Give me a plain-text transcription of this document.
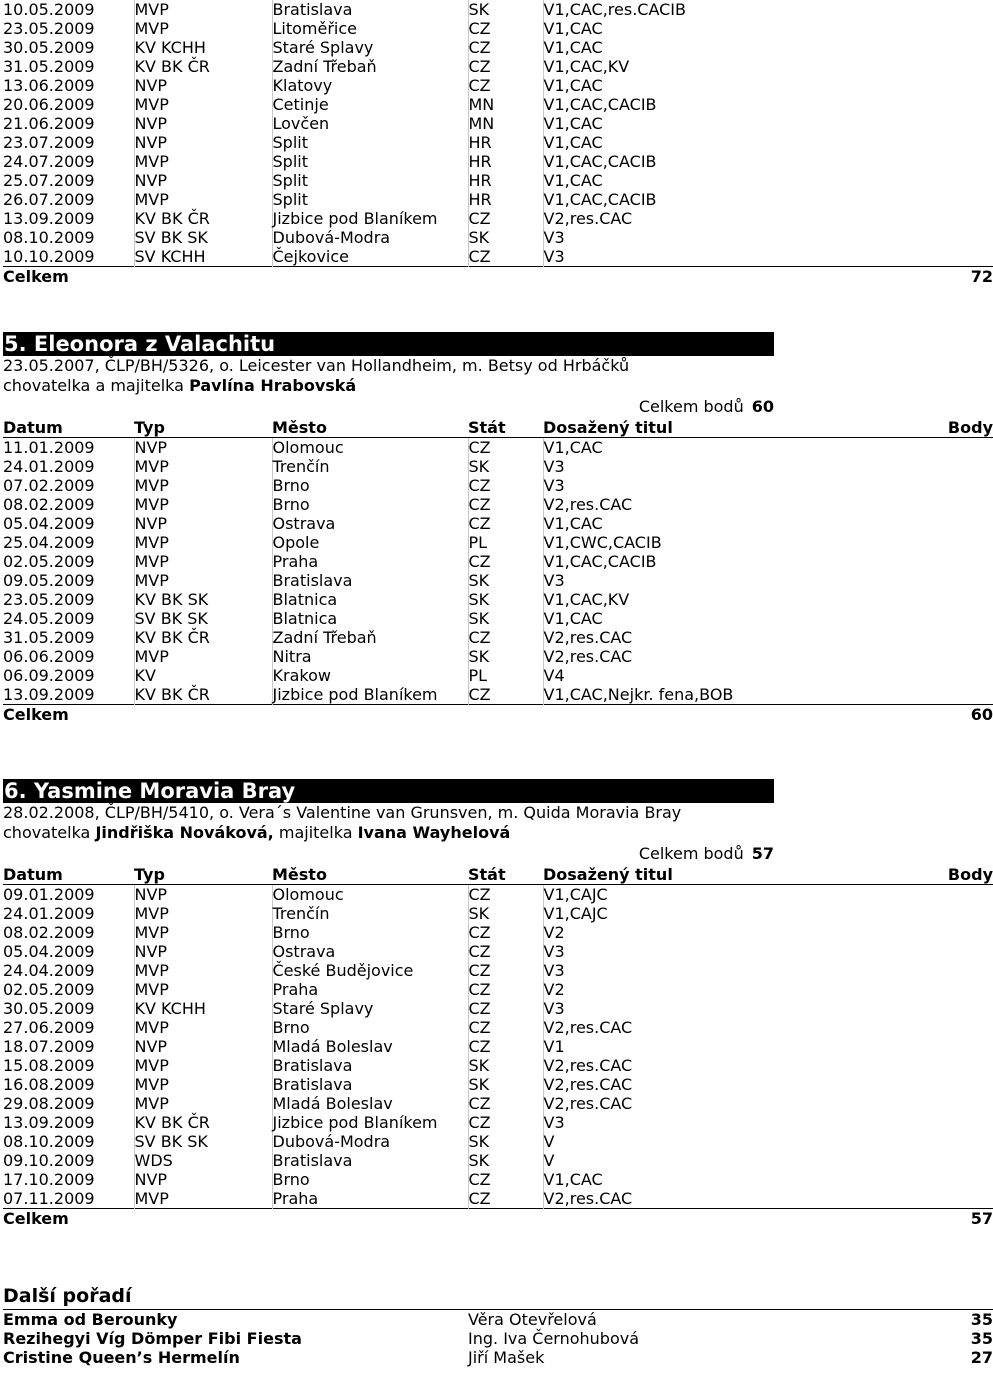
10.05.2009	MVP	Bratislava	SK	V1,CAC,res.CACIB	
23.05.2009	MVP	Litoměřice	CZ	V1,CAC	
30.05.2009	KV KCHH	Staré Splavy	CZ	V1,CAC	
31.05.2009	KV BK ČR	Zadní Třebaň	CZ	V1,CAC,KV	
13.06.2009	NVP	Klatovy	CZ	V1,CAC	
20.06.2009	MVP	Cetinje	MN	V1,CAC,CACIB	
21.06.2009	NVP	Lovčen	MN	V1,CAC	
23.07.2009	NVP	Split	HR	V1,CAC	
24.07.2009	MVP	Split	HR	V1,CAC,CACIB	
25.07.2009	NVP	Split	HR	V1,CAC	
26.07.2009	MVP	Split	HR	V1,CAC,CACIB	
13.09.2009	KV BK ČR	Jizbice pod Blaníkem	CZ	V2,res.CAC	
08.10.2009	SV BK SK	Dubová-Modra	SK	V3	
10.10.2009	SV KCHH	Čejkovice	CZ	V3	
Celkem					72
5. Eleonora z Valachitu
23.05.2007, ČLP/BH/5326, o. Leicester van Hollandheim, m. Betsy od Hrbáčků
chovatelka a majitelka Pavlína Hrabovská
Celkem bodů 60
Datum	Typ	Město	Stát	Dosažený titul	Body
11.01.2009	NVP	Olomouc	CZ	V1,CAC	
24.01.2009	MVP	Trenčín	SK	V3	
07.02.2009	MVP	Brno	CZ	V3	
08.02.2009	MVP	Brno	CZ	V2,res.CAC	
05.04.2009	NVP	Ostrava	CZ	V1,CAC	
25.04.2009	MVP	Opole	PL	V1,CWC,CACIB	
02.05.2009	MVP	Praha	CZ	V1,CAC,CACIB	
09.05.2009	MVP	Bratislava	SK	V3	
23.05.2009	KV BK SK	Blatnica	SK	V1,CAC,KV	
24.05.2009	SV BK SK	Blatnica	SK	V1,CAC	
31.05.2009	KV BK ČR	Zadní Třebaň	CZ	V2,res.CAC	
06.06.2009	MVP	Nitra	SK	V2,res.CAC	
06.09.2009	KV	Krakow	PL	V4	
13.09.2009	KV BK ČR	Jizbice pod Blaníkem	CZ	V1,CAC,Nejkr. fena,BOB	
Celkem					60
6. Yasmine Moravia Bray
28.02.2008, ČLP/BH/5410, o. Vera´s Valentine van Grunsven, m. Quida Moravia Bray
chovatelka Jindřiška Nováková, majitelka Ivana Wayhelová
Celkem bodů 57
Datum	Typ	Město	Stát	Dosažený titul	Body
09.01.2009	NVP	Olomouc	CZ	V1,CAJC	
24.01.2009	MVP	Trenčín	SK	V1,CAJC	
08.02.2009	MVP	Brno	CZ	V2	
05.04.2009	NVP	Ostrava	CZ	V3	
24.04.2009	MVP	České Budějovice	CZ	V3	
02.05.2009	MVP	Praha	CZ	V2	
30.05.2009	KV KCHH	Staré Splavy	CZ	V3	
27.06.2009	MVP	Brno	CZ	V2,res.CAC	
18.07.2009	NVP	Mladá Boleslav	CZ	V1	
15.08.2009	MVP	Bratislava	SK	V2,res.CAC	
16.08.2009	MVP	Bratislava	SK	V2,res.CAC	
29.08.2009	MVP	Mladá Boleslav	CZ	V2,res.CAC	
13.09.2009	KV BK ČR	Jizbice pod Blaníkem	CZ	V3	
08.10.2009	SV BK SK	Dubová-Modra	SK	V	
09.10.2009	WDS	Bratislava	SK	V	
17.10.2009	NVP	Brno	CZ	V1,CAC	
07.11.2009	MVP	Praha	CZ	V2,res.CAC	
Celkem					57
Další pořadí
Emma od Berounky	Věra Otevřelová	35
Rezihegyi Víg Dömper Fibi Fiesta	Ing. Iva Černohubová	35
Cristine Queen’s Hermelín	Jiří Mašek	27
